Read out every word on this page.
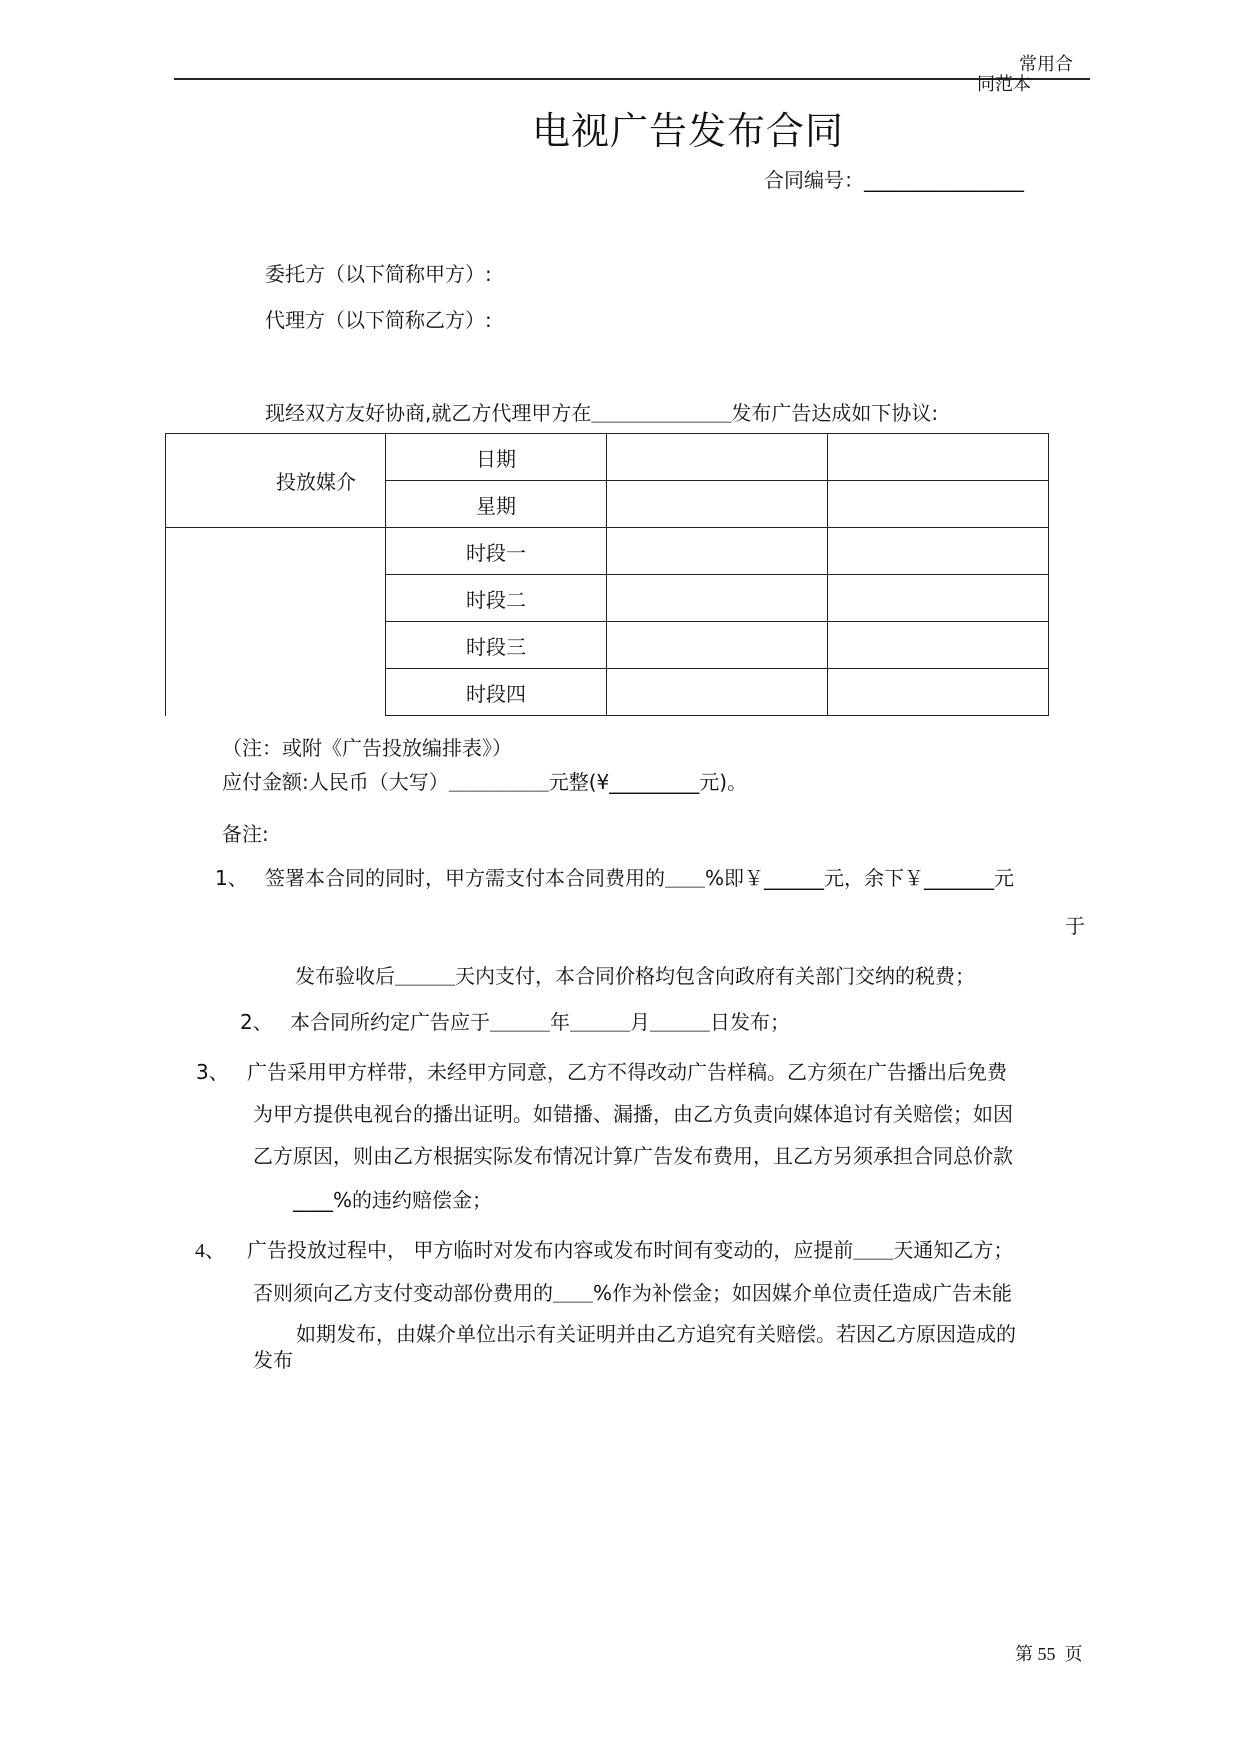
常用合
同范本
电视广告发布合同
合同编号：________________
委托方（以下简称甲方）:
代理方（以下简称乙方）:
现经双方友好协商,就乙方代理甲方在＿＿＿＿＿＿＿发布广告达成如下协议:
投放媒介	日期		
	星期		
	时段一		
	时段二		
	时段三		
	时段四		
（注：或附《广告投放编排表》）
应付金额:人民币（大写）＿＿＿＿＿元整(¥_________元)。
备注:
1、 签署本合同的同时，甲方需支付本合同费用的＿＿%即￥______元，余下￥_______元
于
发布验收后＿＿＿天内支付，本合同价格均包含向政府有关部门交纳的税费；
2、 本合同所约定广告应于＿＿＿年＿＿＿月＿＿＿日发布；
3、 广告采用甲方样带，未经甲方同意，乙方不得改动广告样稿。乙方须在广告播出后免费
为甲方提供电视台的播出证明。如错播、漏播，由乙方负责向媒体追讨有关赔偿；如因
乙方原因，则由乙方根据实际发布情况计算广告发布费用，且乙方另须承担合同总价款
____%的违约赔偿金；
4、 广告投放过程中， 甲方临时对发布内容或发布时间有变动的，应提前＿＿天通知乙方；
否则须向乙方支付变动部份费用的＿＿%作为补偿金；如因媒介单位责任造成广告未能
如期发布，由媒介单位出示有关证明并由乙方追究有关赔偿。若因乙方原因造成的
发布
第 55 页
